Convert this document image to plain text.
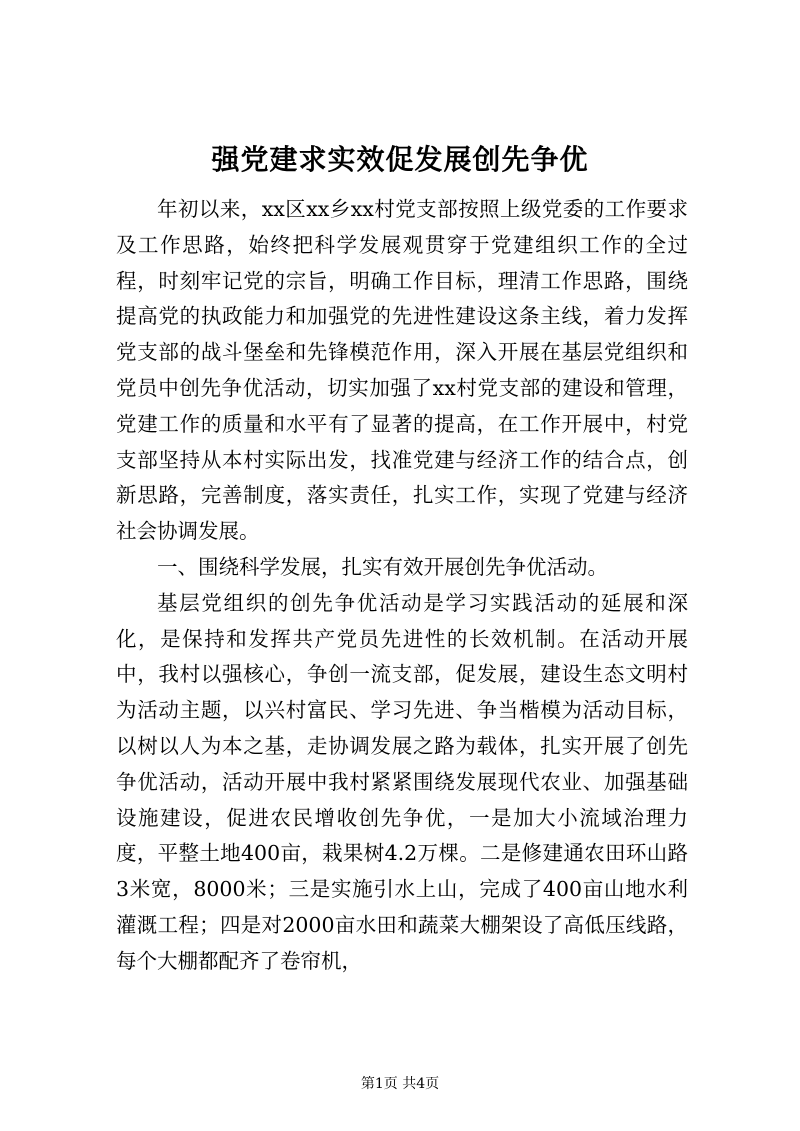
强党建求实效促发展创先争优

年初以来，xx区xx乡xx村党支部按照上级党委的工作要求及工作思路，始终把科学发展观贯穿于党建组织工作的全过程，时刻牢记党的宗旨，明确工作目标，理清工作思路，围绕提高党的执政能力和加强党的先进性建设这条主线，着力发挥党支部的战斗堡垒和先锋模范作用，深入开展在基层党组织和党员中创先争优活动，切实加强了xx村党支部的建设和管理，党建工作的质量和水平有了显著的提高，在工作开展中，村党支部坚持从本村实际出发，找准党建与经济工作的结合点，创新思路，完善制度，落实责任，扎实工作，实现了党建与经济社会协调发展。

一、围绕科学发展，扎实有效开展创先争优活动。

基层党组织的创先争优活动是学习实践活动的延展和深化，是保持和发挥共产党员先进性的长效机制。在活动开展中，我村以强核心，争创一流支部，促发展，建设生态文明村为活动主题，以兴村富民、学习先进、争当楷模为活动目标，以树以人为本之基，走协调发展之路为载体，扎实开展了创先争优活动，活动开展中我村紧紧围绕发展现代农业、加强基础设施建设，促进农民增收创先争优，一是加大小流域治理力度，平整土地400亩，栽果树4.2万棵。二是修建通农田环山路3米宽，8000米；三是实施引水上山，完成了400亩山地水利灌溉工程；四是对2000亩水田和蔬菜大棚架设了高低压线路，每个大棚都配齐了卷帘机，

第1页 共4页
